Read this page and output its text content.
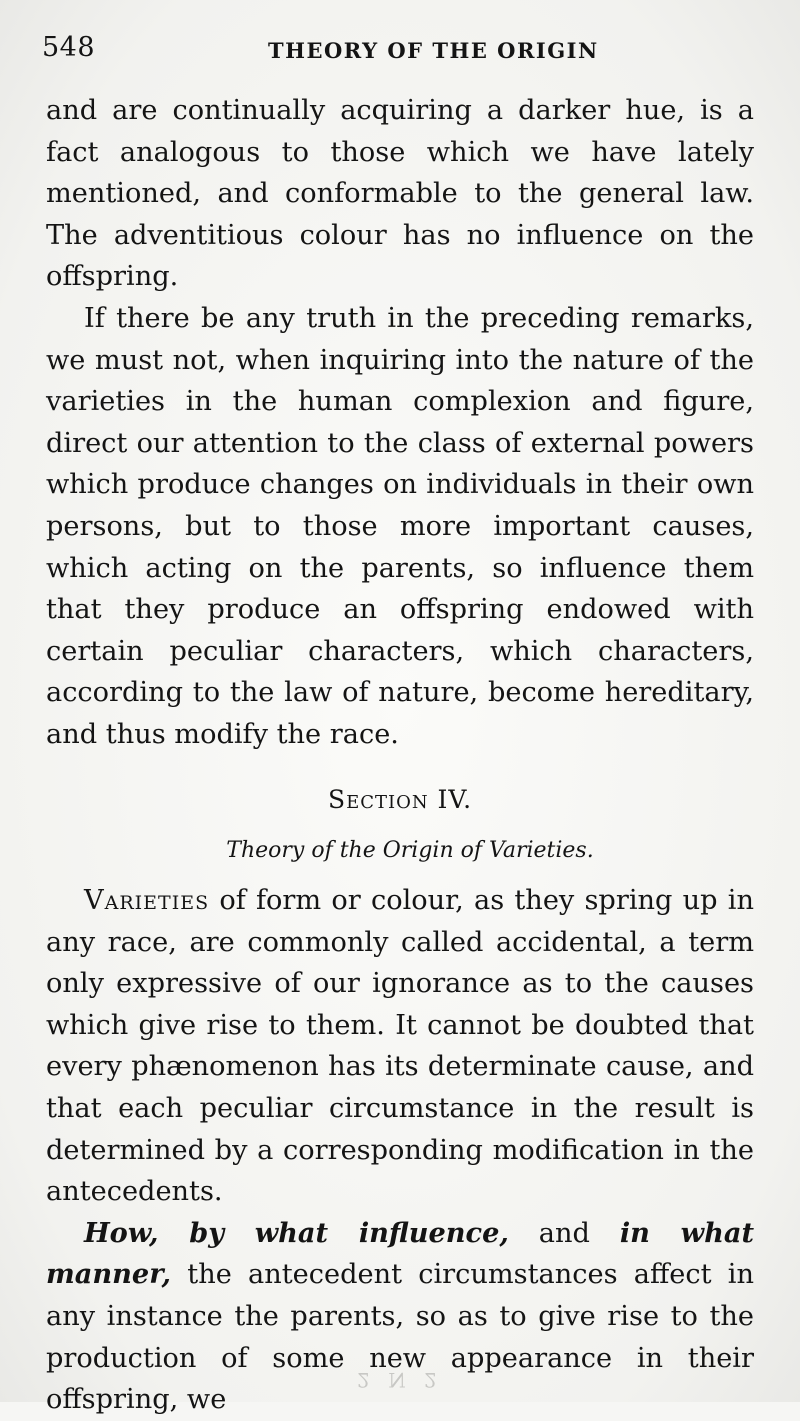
548	THEORY OF THE ORIGIN

and are continually acquiring a darker hue, is a fact analogous to those which we have lately mentioned, and conformable to the general law. The adventitious colour has no influence on the offspring.

If there be any truth in the preceding remarks, we must not, when inquiring into the nature of the varieties in the human complexion and figure, direct our attention to the class of external powers which produce changes on individuals in their own persons, but to those more important causes, which acting on the parents, so influence them that they produce an offspring endowed with certain peculiar characters, which characters, according to the law of nature, become hereditary, and thus modify the race.

Section IV.
Theory of the Origin of Varieties.

Varieties of form or colour, as they spring up in any race, are commonly called accidental, a term only expressive of our ignorance as to the causes which give rise to them. It cannot be doubted that every phænomenon has its determinate cause, and that each peculiar circumstance in the result is determined by a corresponding modification in the antecedents.

How, by what influence, and in what manner, the antecedent circumstances affect in any instance the parents, so as to give rise to the production of some new appearance in their offspring, we

2 N 2
